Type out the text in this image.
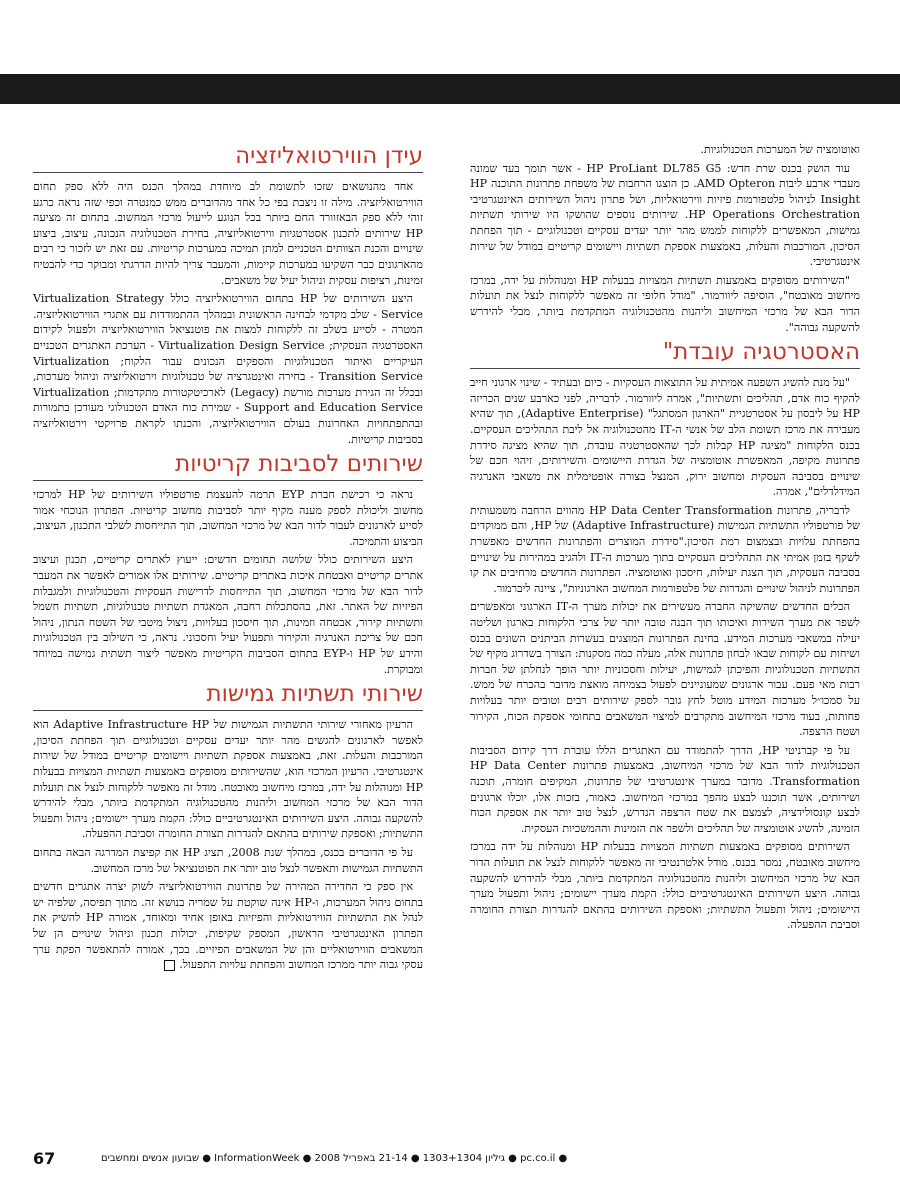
עידן הווירטואליזציה

אחד מהנושאים שזכו לתשומת לב מיוחדת במהלך הכנס היה ללא ספק תחום הווירטואליזציה. מילה זו ניצבת בפי כל אחד מהדוברים ממש כמנטרה וכפי שזה נראה כרגע זוהי ללא ספק הבאזוורד החם ביותר בכל הנוגע לייעול מרכזי המחשוב. בתחום זה מציעה HP שירותים לתכנון אסטרטגיות ווירטואליזציה, בחירת הטכנולוגיה הנכונה, עיצוב, ביצוע שינויים והכנת הצוותים הטכניים למתן תמיכה במערכות קריטיות. עם זאת יש לזכור כי רבים מהארגונים כבר השקיעו במערכות קיימות, והמעבר צריך להיות הדרגתי ומבוקר כדי להבטיח זמינות, רציפות עסקית וניהול יעיל של משאבים.

היצע השירותים של HP בתחום הווירטואליזציה כולל Virtualization Strategy Service - שלב מקדמי לבחינה הראשונית ובמהלך ההתמודדות עם אתגרי הווירטואליזציה. המטרה - לסייע בשלב זה ללקוחות למצות את פוטנציאל הווירטואליזציה ולפעול לקידום האסטרטגיה העסקית; Virtualization Design Service - הערכת האתגרים הטכניים העיקריים ואיתור הטכנולוגיות והספקים הנכונים עבור הלקוח; Virtualization Transition Service - בחירה ואינטגרציה של טכנולוגיות וירטואליזציה וניהול מערכות, ובכלל זה הגירת מערכות מורשת (Legacy) לארכיטקטורות מתקדמות; Virtualization Support and Education Service - שמירת כוח האדם הטכנולוגי מעודכן בתמורות ובהתפתחויות האחרונות בעולם הווירטואליזציה, והכנתו לקראת פרויקטי וירטואליזציה בסביבות קריטיות.

שירותים לסביבות קריטיות

נראה כי רכישת חברת EYP תרמה להעצמת פורטפוליו השירותים של HP למרכזי מחשוב וליכולת לספק מענה מקיף יותר לסביבות מחשוב קריטיות. הפתרון הנוכחי אמור לסייע לארגונים לעבור לדור הבא של מרכזי המחשוב, תוך התייחסות לשלבי התכנון, העיצוב, הביצוע והתמיכה.

היצע השירותים כולל שלושה תחומים חדשים: ייעוץ לאתרים קריטיים, תכנון ועיצוב אתרים קריטיים ואבטחת איכות באתרים קריטיים. שירותים אלו אמורים לאפשר את המעבר לדור הבא של מרכזי המחשוב, תוך התייחסות לדרישות העסקיות והטכנולוגיות ולמגבלות הפיזיות של האתר. זאת, בהסתכלות רחבה, המאגדת תשתיות טכנולוגיות, תשתיות חשמל ותשתיות קירור, אבטחה וזמינות, תוך חיסכון בעלויות, ניצול מיטבי של השטח הנתון, ניהול חכם של צריכת האנרגיה והקירור ותפעול יעיל וחסכוני. נראה, כי השילוב בין הטכנולוגיות והידע של HP ו-EYP בתחום הסביבות הקריטיות מאפשר ליצור תשתית גמישה במיוחד ומבוקרת.

שירותי תשתיות גמישות

הרעיון מאחורי שירותי התשתיות הגמישות של Adaptive Infrastructure HP הוא לאפשר לארגונים להגשים מהר יותר יעדים עסקיים וטכנולוגיים תוך הפחתת הסיכון, המורכבות והעלות. זאת, באמצעות אספקת תשתיות ויישומים קריטיים במודל של שירות אינטגרטיבי. הרעיון המרכזי הוא, שהשירותים מסופקים באמצעות תשתיות המצויות בבעלות HP ומנוהלות על ידה, במרכז מיחשוב מאובטח. מודל זה מאפשר ללקוחות לנצל את תועלות הדור הבא של מרכזי המחשוב וליהנות מהטכנולוגיה המתקדמת ביותר, מבלי להידרש להשקעה גבוהה. היצע השירותים האינטגרטיביים כולל: הקמת מערך יישומים; ניהול ותפעול התשתיות; ואספקת שירותים בהתאם להגדרות תצורת החומרה וסביבת ההפעלה.

על פי הדוברים בכנס, במהלך שנת 2008, תציג HP את קפיצת המדרגה הבאה בתחום התשתיות הגמישות ותאפשר לנצל טוב יותר את הפוטנציאל של מרכז המחשוב.

אין ספק כי החדירה המהירה של פתרונות הווירטואליזציה לשוק יצרה אתגרים חדשים בתחום ניהול המערכות, ו-HP אינה שוקטת על שמריה בנושא זה. מתוך תפיסה, שלפיה יש לנהל את התשתיות הווירטואליות והפיזיות באופן אחיד ומאוחד, אמורה HP להשיק את הפתרון האינטגרטיבי הראשון, המספק שקיפות, יכולות תכנון וניהול שינויים הן של המשאבים הווירטואליים והן של המשאבים הפיזיים. בכך, אמורה להתאפשר הפקת ערך עסקי גבוה יותר ממרכז המחשוב והפחתת עלויות התפעול.

ואוטומציה של המערכות הטכנולוגיות.

עוד הושק בכנס שרת חדש: HP ProLiant DL785 G5 - אשר תומך בעד שמונה מעבדי ארבע ליבות AMD Opteron. כן הוצגו הרחבות של משפחת פתרונות התוכנה HP Insight לניהול פלטפורמות פיזיות ווירטואליות, ושל פתרון ניהול השירותים האינטגרטיבי HP Operations Orchestration. שירותים נוספים שהושקו היו שירותי תשתיות גמישות, המאפשרים ללקוחות לממש מהר יותר יעדים עסקיים וטכנולוגיים - תוך הפחתת הסיכון, המורכבות והעלות, באמצעות אספקת תשתיות ויישומים קריטיים במודל של שירות אינטגרטיבי.

"השירותים מסופקים באמצעות תשתיות המצויות בבעלות HP ומנוהלות על ידה, במרכז מיחשוב מאובטח", הוסיפה ליוורמור. "מודל חלופי זה מאפשר ללקוחות לנצל את תועלות הדור הבא של מרכזי המיחשוב וליהנות מהטכנולוגיה המתקדמת ביותר, מבלי להידרש להשקעה גבוהה".

האסטרטגיה עובדת"

"על מנת להשיג השפעה אמיתית על התוצאות העסקיות - כיום ובעתיד - שינוי ארגוני חייב להקיף כוח אדם, תהליכים ותשתיות", אמרה ליוורמור. לדבריה, לפני כארבע שנים הכריזה HP על ליבסון על אסטרטגיית "הארגון המסתגל" (Adaptive Enterprise), תוך שהיא מעבירה את מרכז תשומת הלב של אנשי ה-IT מהטכנולוגיה אל ליבת התהליכים העסקיים. בכנס הלקוחות "מציגה HP קבלות לכך שהאסטרטגיה עובדת, תוך שהיא מציגה סידרת פתרונות מקיפה, המאפשרת אוטומציה של הגדרת היישומים והשירותים, זיהוי חכם של שינויים בסביבה העסקית ומחשוב ירוק, המנצל בצורה אופטימלית את משאבי האנרגיה המידלדלים", אמרה.

לדבריה, פתרונות HP Data Center Transformation מהווים הרחבה משמעותית של פורטפוליו התשתיות הגמישות (Adaptive Infrastructure) של HP, והם ממוקדים בהפחתת עלויות ובצמצום רמת הסיכון."סידרת המוצרים והפתרונות החדשים מאפשרת לשקף בזמן אמיתי את התהליכים העסקיים בתוך מערכות ה-IT ולהגיב במהירות על שינויים בסביבה העסקית, תוך הצגת יעילות, חיסכון ואוטומציה. הפתרונות החדשים מרחיבים את קו הפתרונות לניהול שינויים והגדרות של פלטפורמות המחשוב הארגוניות", ציינה ליברמור.

הכלים החדשים שהשיקה החברה מעשירים את יכולות מערך ה-IT הארגוני ומאפשרים לשפר את מערך השירות ואיכותו תוך הבנה טובה יותר של צרכי הלקוחות בארגון ושליטה יעילה במשאבי מערכות המידע. בחינת הפתרונות המוצגים בעשרות הביתנים השונים בכנס ושיחות עם לקוחות שבאו לבחון פתרונות אלה, מעלה כמה מסקנות: הצורך בשדרוג מקיף של התשתיות הטכנולוגיות והפיכתן לגמישות, יעילות וחסכוניות יותר הופך לנחלתן של חברות רבות מאי פעם. עבור ארגונים שמעוניינים לפעול בצמיחה מואצת מדובר בהכרח של ממש. על סמכו״ל מערכות המידע מוטל לחץ גובר לספק שירותים רבים וטובים יותר בעלויות פחותות, בעוד מרכזי המיחשוב מתקרבים למיצוי המשאבים בתחומי אספקת הכוח, הקירור ושטח הרצפה.

על פי קברניטי HP, הדרך להתמודד עם האתגרים הללו עוברת דרך קידום הסביבות הטכנולוגיות לדור הבא של מרכזי המיחשוב, באמצעות פתרונות HP Data Center Transformation. מדובר במערך אינטגרטיבי של פתרונות, המקיפים חומרה, תוכנה ושירותים, אשר תוכננו לבצע מהפך במרכזי המיחשוב. כאמור, בזכות אלו, יוכלו ארגונים לבצע קונסולידציה, לצמצם את שטח הרצפה הנדרש, לנצל טוב יותר את אספקת הכוח הזמינה, להשיג אוטומציה של תהליכים ולשפר את הזמינות וההמשכיות העסקית.

השירותים מסופקים באמצעות תשתיות המצויות בבעלות HP ומנוהלות על ידה במרכז מיחשוב מאובטח, נמסר בכנס. מודל אלטרנטיבי זה מאפשר ללקוחות לנצל את תועלות הדור הבא של מרכזי המיחשוב וליהנות מהטכנולוגיה המתקדמת ביותר, מבלי להידרש להשקעה גבוהה. היצע השירותים האינטגרטיביים כולל: הקמת מערך יישומים; ניהול ותפעול מערך היישומים; ניהול ותפעול התשתיות; ואספקת השירותים בהתאם להגדרות תצורת החומרה וסביבת ההפעלה.

67	שבועון אנשים ומחשבים ● InformationWeek ● גיליון 1303+1304 ● 21-14 באפריל 2008 ● pc.co.il ●
